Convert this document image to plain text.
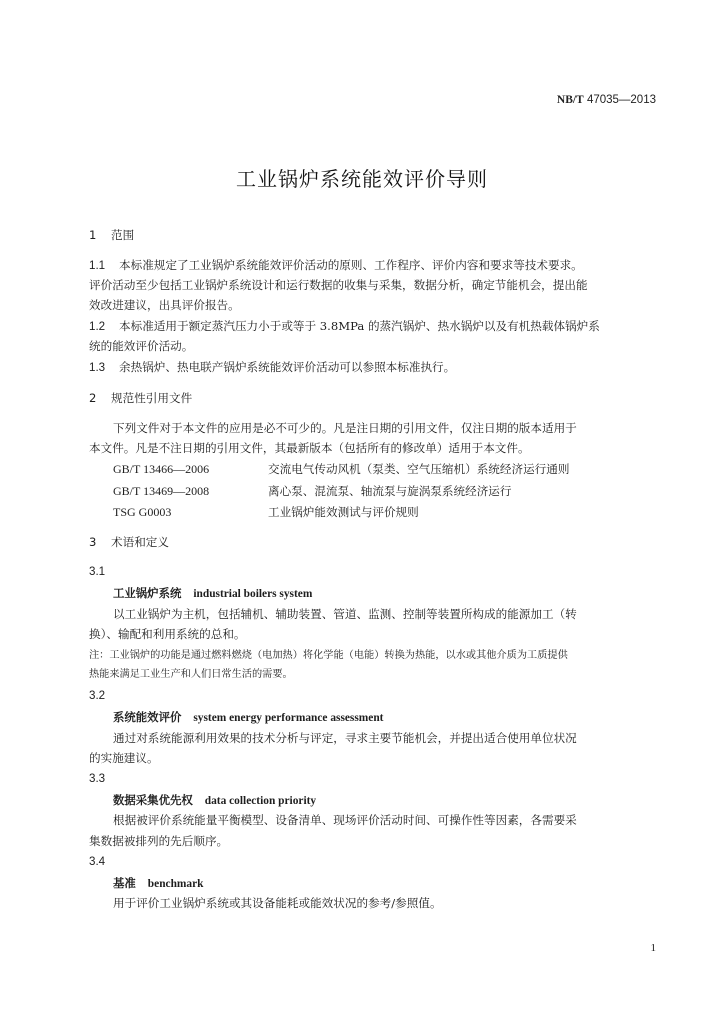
NB/T 47035—2013
工业锅炉系统能效评价导则
1 范围
1.1 本标准规定了工业锅炉系统能效评价活动的原则、工作程序、评价内容和要求等技术要求。
评价活动至少包括工业锅炉系统设计和运行数据的收集与采集，数据分析，确定节能机会，提出能
效改进建议，出具评价报告。
1.2 本标准适用于额定蒸汽压力小于或等于 3.8MPa 的蒸汽锅炉、热水锅炉以及有机热载体锅炉系
统的能效评价活动。
1.3 余热锅炉、热电联产锅炉系统能效评价活动可以参照本标准执行。
2 规范性引用文件
下列文件对于本文件的应用是必不可少的。凡是注日期的引用文件，仅注日期的版本适用于
本文件。凡是不注日期的引用文件，其最新版本（包括所有的修改单）适用于本文件。
GB/T 13466—2006	交流电气传动风机（泵类、空气压缩机）系统经济运行通则
GB/T 13469—2008	离心泵、混流泵、轴流泵与旋涡泵系统经济运行
TSG G0003	工业锅炉能效测试与评价规则
3 术语和定义
3.1
工业锅炉系统 industrial boilers system
以工业锅炉为主机，包括辅机、辅助装置、管道、监测、控制等装置所构成的能源加工（转
换）、输配和利用系统的总和。
注：工业锅炉的功能是通过燃料燃烧（电加热）将化学能（电能）转换为热能，以水或其他介质为工质提供
热能来满足工业生产和人们日常生活的需要。
3.2
系统能效评价 system energy performance assessment
通过对系统能源利用效果的技术分析与评定，寻求主要节能机会，并提出适合使用单位状况
的实施建议。
3.3
数据采集优先权 data collection priority
根据被评价系统能量平衡模型、设备清单、现场评价活动时间、可操作性等因素，各需要采
集数据被排列的先后顺序。
3.4
基准 benchmark
用于评价工业锅炉系统或其设备能耗或能效状况的参考/参照值。
1
